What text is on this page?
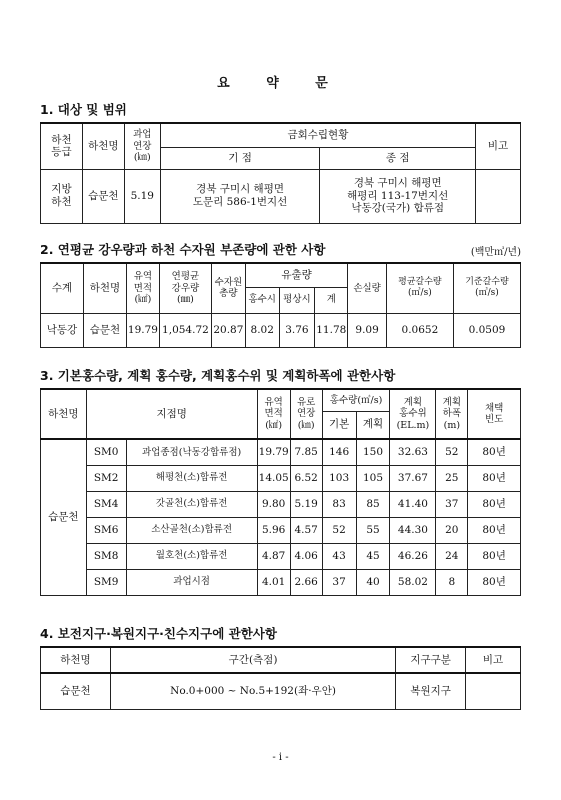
요 약 문
1. 대상 및 범위
하천
등급	하천명	과업
연장
(㎞)	금회수립현황		비고
			기 점	종 점	
지방
하천	습문천	5.19	경북 구미시 해평면
도문리 586-1번지선	경북 구미시 해평면
해평리 113-17번지선
낙동강(국가) 합류점	
2. 연평균 강우량과 하천 수자원 부존량에 관한 사항	(백만㎥/년)
수계	하천명	유역
면적
(㎢)	연평균
강우량
(㎜)	수자원
총량	유출량			손실량	평균갈수량
(㎥/s)	기준갈수량
(㎥/s)
					홍수시	평상시	계			
낙동강	습문천	19.79	1,054.72	20.87	8.02	3.76	11.78	9.09	0.0652	0.0509
3. 기본홍수량, 계획 홍수량, 계획홍수위 및 계획하폭에 관한사항
하천명	지점명		유역
면적
(㎢)	유로
연장
(㎞)	홍수량(㎥/s)		계획
홍수위
(EL.m)	계획
하폭
(m)	채택
빈도
					기본	계획			
습문천	SM0	과업종점(낙동강합류점)	19.79	7.85	146	150	32.63	52	80년
	SM2	해평천(소)합류전	14.05	6.52	103	105	37.67	25	80년
	SM4	갓골천(소)합류전	9.80	5.19	83	85	41.40	37	80년
	SM6	소산골천(소)합류전	5.96	4.57	52	55	44.30	20	80년
	SM8	월호천(소)합류전	4.87	4.06	43	45	46.26	24	80년
	SM9	과업시점	4.01	2.66	37	40	58.02	8	80년
4. 보전지구·복원지구·친수지구에 관한사항
하천명	구간(측점)	지구구분	비고
습문천	No.0+000 ~ No.5+192(좌·우안)	복원지구	
- i -
